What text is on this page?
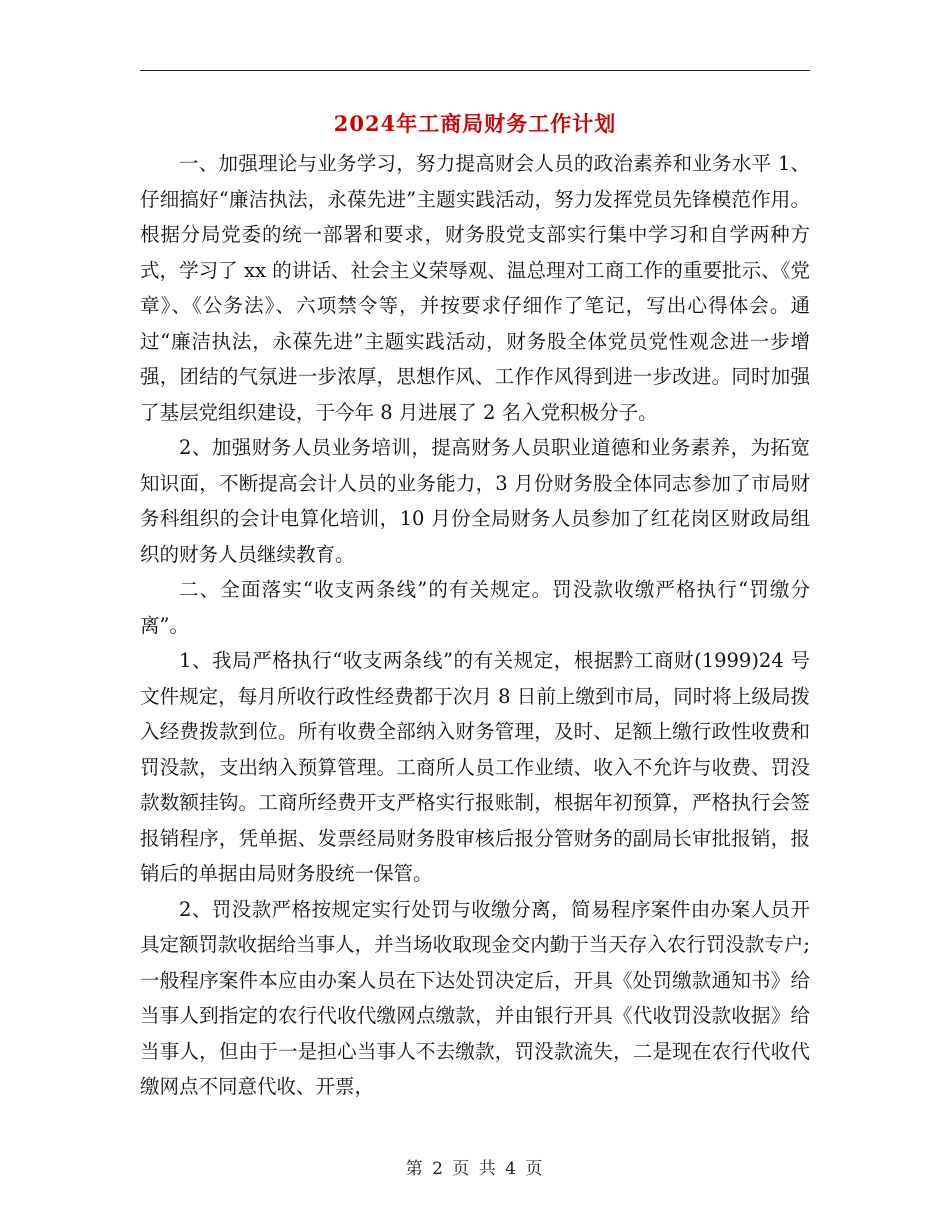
2024年工商局财务工作计划

一、加强理论与业务学习，努力提高财会人员的政治素养和业务水平 1、仔细搞好“廉洁执法，永葆先进”主题实践活动，努力发挥党员先锋模范作用。根据分局党委的统一部署和要求，财务股党支部实行集中学习和自学两种方式，学习了 xx 的讲话、社会主义荣辱观、温总理对工商工作的重要批示、《党章》、《公务法》、六项禁令等，并按要求仔细作了笔记，写出心得体会。通过“廉洁执法，永葆先进”主题实践活动，财务股全体党员党性观念进一步增强，团结的气氛进一步浓厚，思想作风、工作作风得到进一步改进。同时加强了基层党组织建设，于今年 8 月进展了 2 名入党积极分子。

2、加强财务人员业务培训，提高财务人员职业道德和业务素养，为拓宽知识面，不断提高会计人员的业务能力，3 月份财务股全体同志参加了市局财务科组织的会计电算化培训，10 月份全局财务人员参加了红花岗区财政局组织的财务人员继续教育。

二、全面落实“收支两条线”的有关规定。罚没款收缴严格执行“罚缴分离”。

1、我局严格执行“收支两条线”的有关规定，根据黔工商财(1999)24 号文件规定，每月所收行政性经费都于次月 8 日前上缴到市局，同时将上级局拨入经费拨款到位。所有收费全部纳入财务管理，及时、足额上缴行政性收费和罚没款，支出纳入预算管理。工商所人员工作业绩、收入不允许与收费、罚没款数额挂钩。工商所经费开支严格实行报账制，根据年初预算，严格执行会签报销程序，凭单据、发票经局财务股审核后报分管财务的副局长审批报销，报销后的单据由局财务股统一保管。

2、罚没款严格按规定实行处罚与收缴分离，简易程序案件由办案人员开具定额罚款收据给当事人，并当场收取现金交内勤于当天存入农行罚没款专户;一般程序案件本应由办案人员在下达处罚决定后，开具《处罚缴款通知书》给当事人到指定的农行代收代缴网点缴款，并由银行开具《代收罚没款收据》给当事人，但由于一是担心当事人不去缴款，罚没款流失，二是现在农行代收代缴网点不同意代收、开票，

第 2 页 共 4 页
